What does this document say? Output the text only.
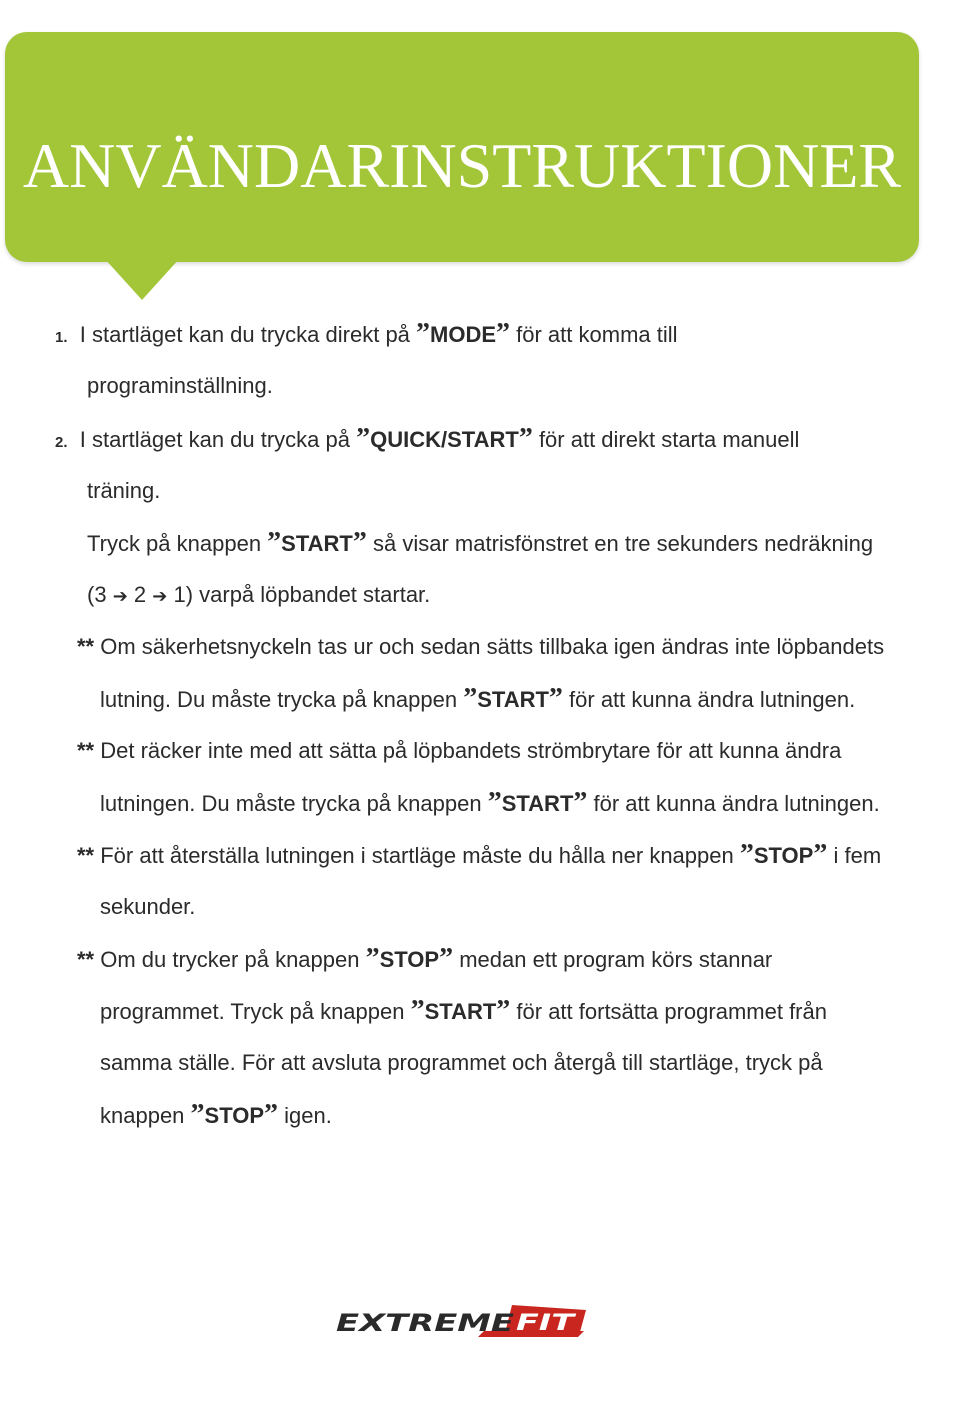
ANVÄNDARINSTRUKTIONER
1. I startläget kan du trycka direkt på ”MODE” för att komma till
programinställning.
2. I startläget kan du trycka på ”QUICK/START” för att direkt starta manuell
träning.
Tryck på knappen ”START” så visar matrisfönstret en tre sekunders nedräkning
(3 ➔ 2 ➔ 1) varpå löpbandet startar.
** Om säkerhetsnyckeln tas ur och sedan sätts tillbaka igen ändras inte löpbandets
lutning. Du måste trycka på knappen ”START” för att kunna ändra lutningen.
** Det räcker inte med att sätta på löpbandets strömbrytare för att kunna ändra
lutningen. Du måste trycka på knappen ”START” för att kunna ändra lutningen.
** För att återställa lutningen i startläge måste du hålla ner knappen ”STOP” i fem
sekunder.
** Om du trycker på knappen ”STOP” medan ett program körs stannar
programmet. Tryck på knappen ”START” för att fortsätta programmet från
samma ställe. För att avsluta programmet och återgå till startläge, tryck på
knappen ”STOP” igen.
EXTREME FIT
